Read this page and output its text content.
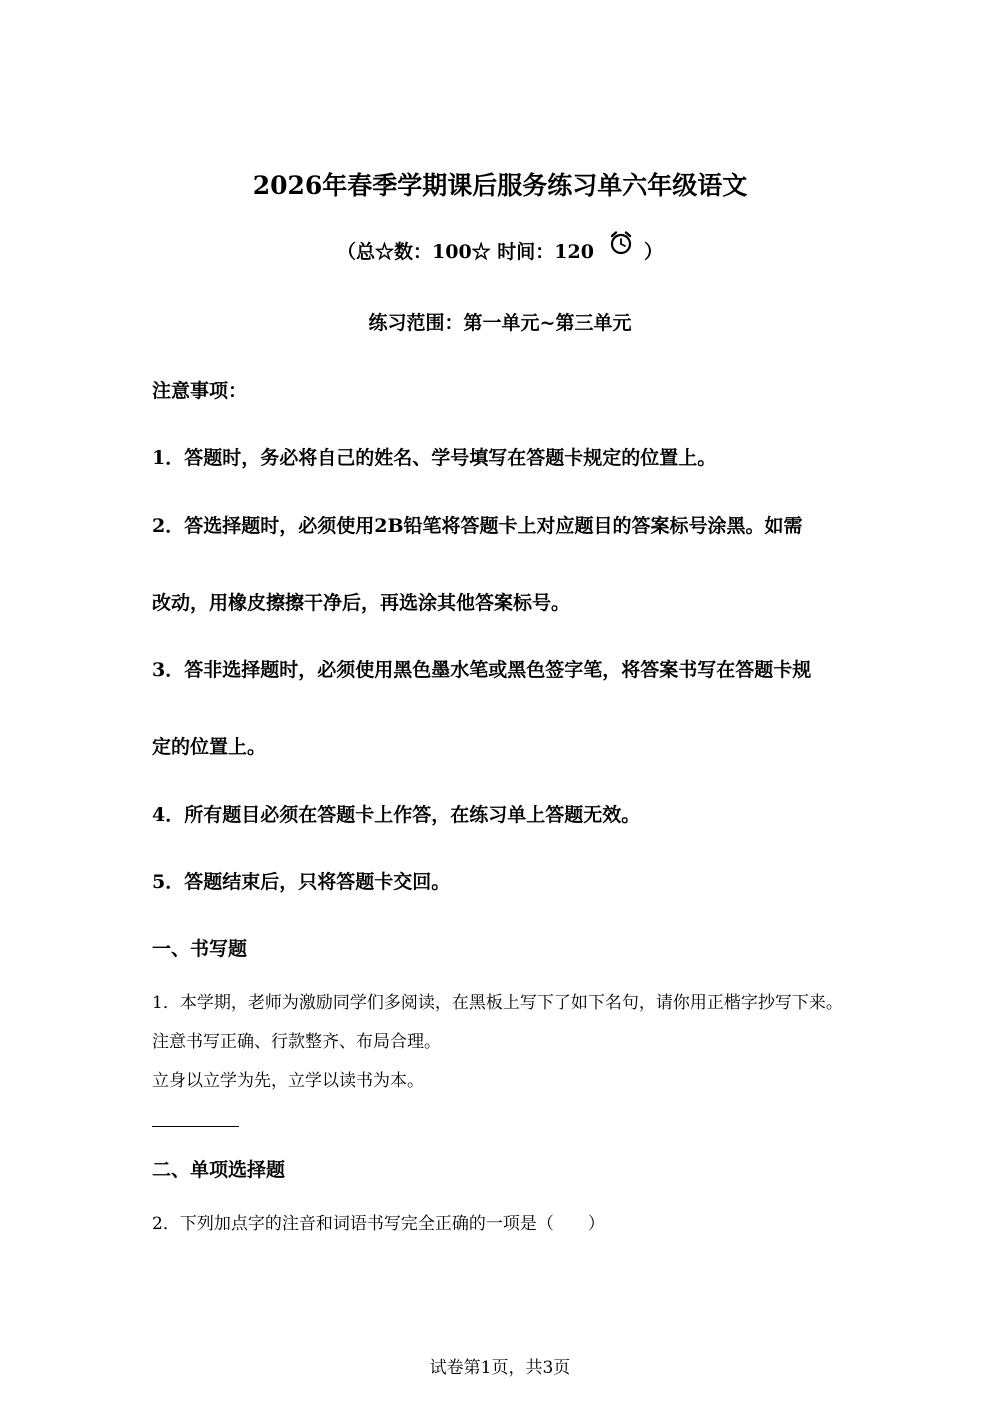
2026年春季学期课后服务练习单六年级语文
（总☆数：100☆ 时间：120	）
练习范围：第一单元~第三单元
注意事项：
1．答题时，务必将自己的姓名、学号填写在答题卡规定的位置上。
2．答选择题时，必须使用2B铅笔将答题卡上对应题目的答案标号涂黑。如需
改动，用橡皮擦擦干净后，再选涂其他答案标号。
3．答非选择题时，必须使用黑色墨水笔或黑色签字笔，将答案书写在答题卡规
定的位置上。
4．所有题目必须在答题卡上作答，在练习单上答题无效。
5．答题结束后，只将答题卡交回。
一、书写题
1．本学期，老师为激励同学们多阅读，在黑板上写下了如下名句，请你用正楷字抄写下来。
注意书写正确、行款整齐、布局合理。
立身以立学为先，立学以读书为本。
二、单项选择题
2．下列加点字的注音和词语书写完全正确的一项是（　　）
试卷第1页，共3页
